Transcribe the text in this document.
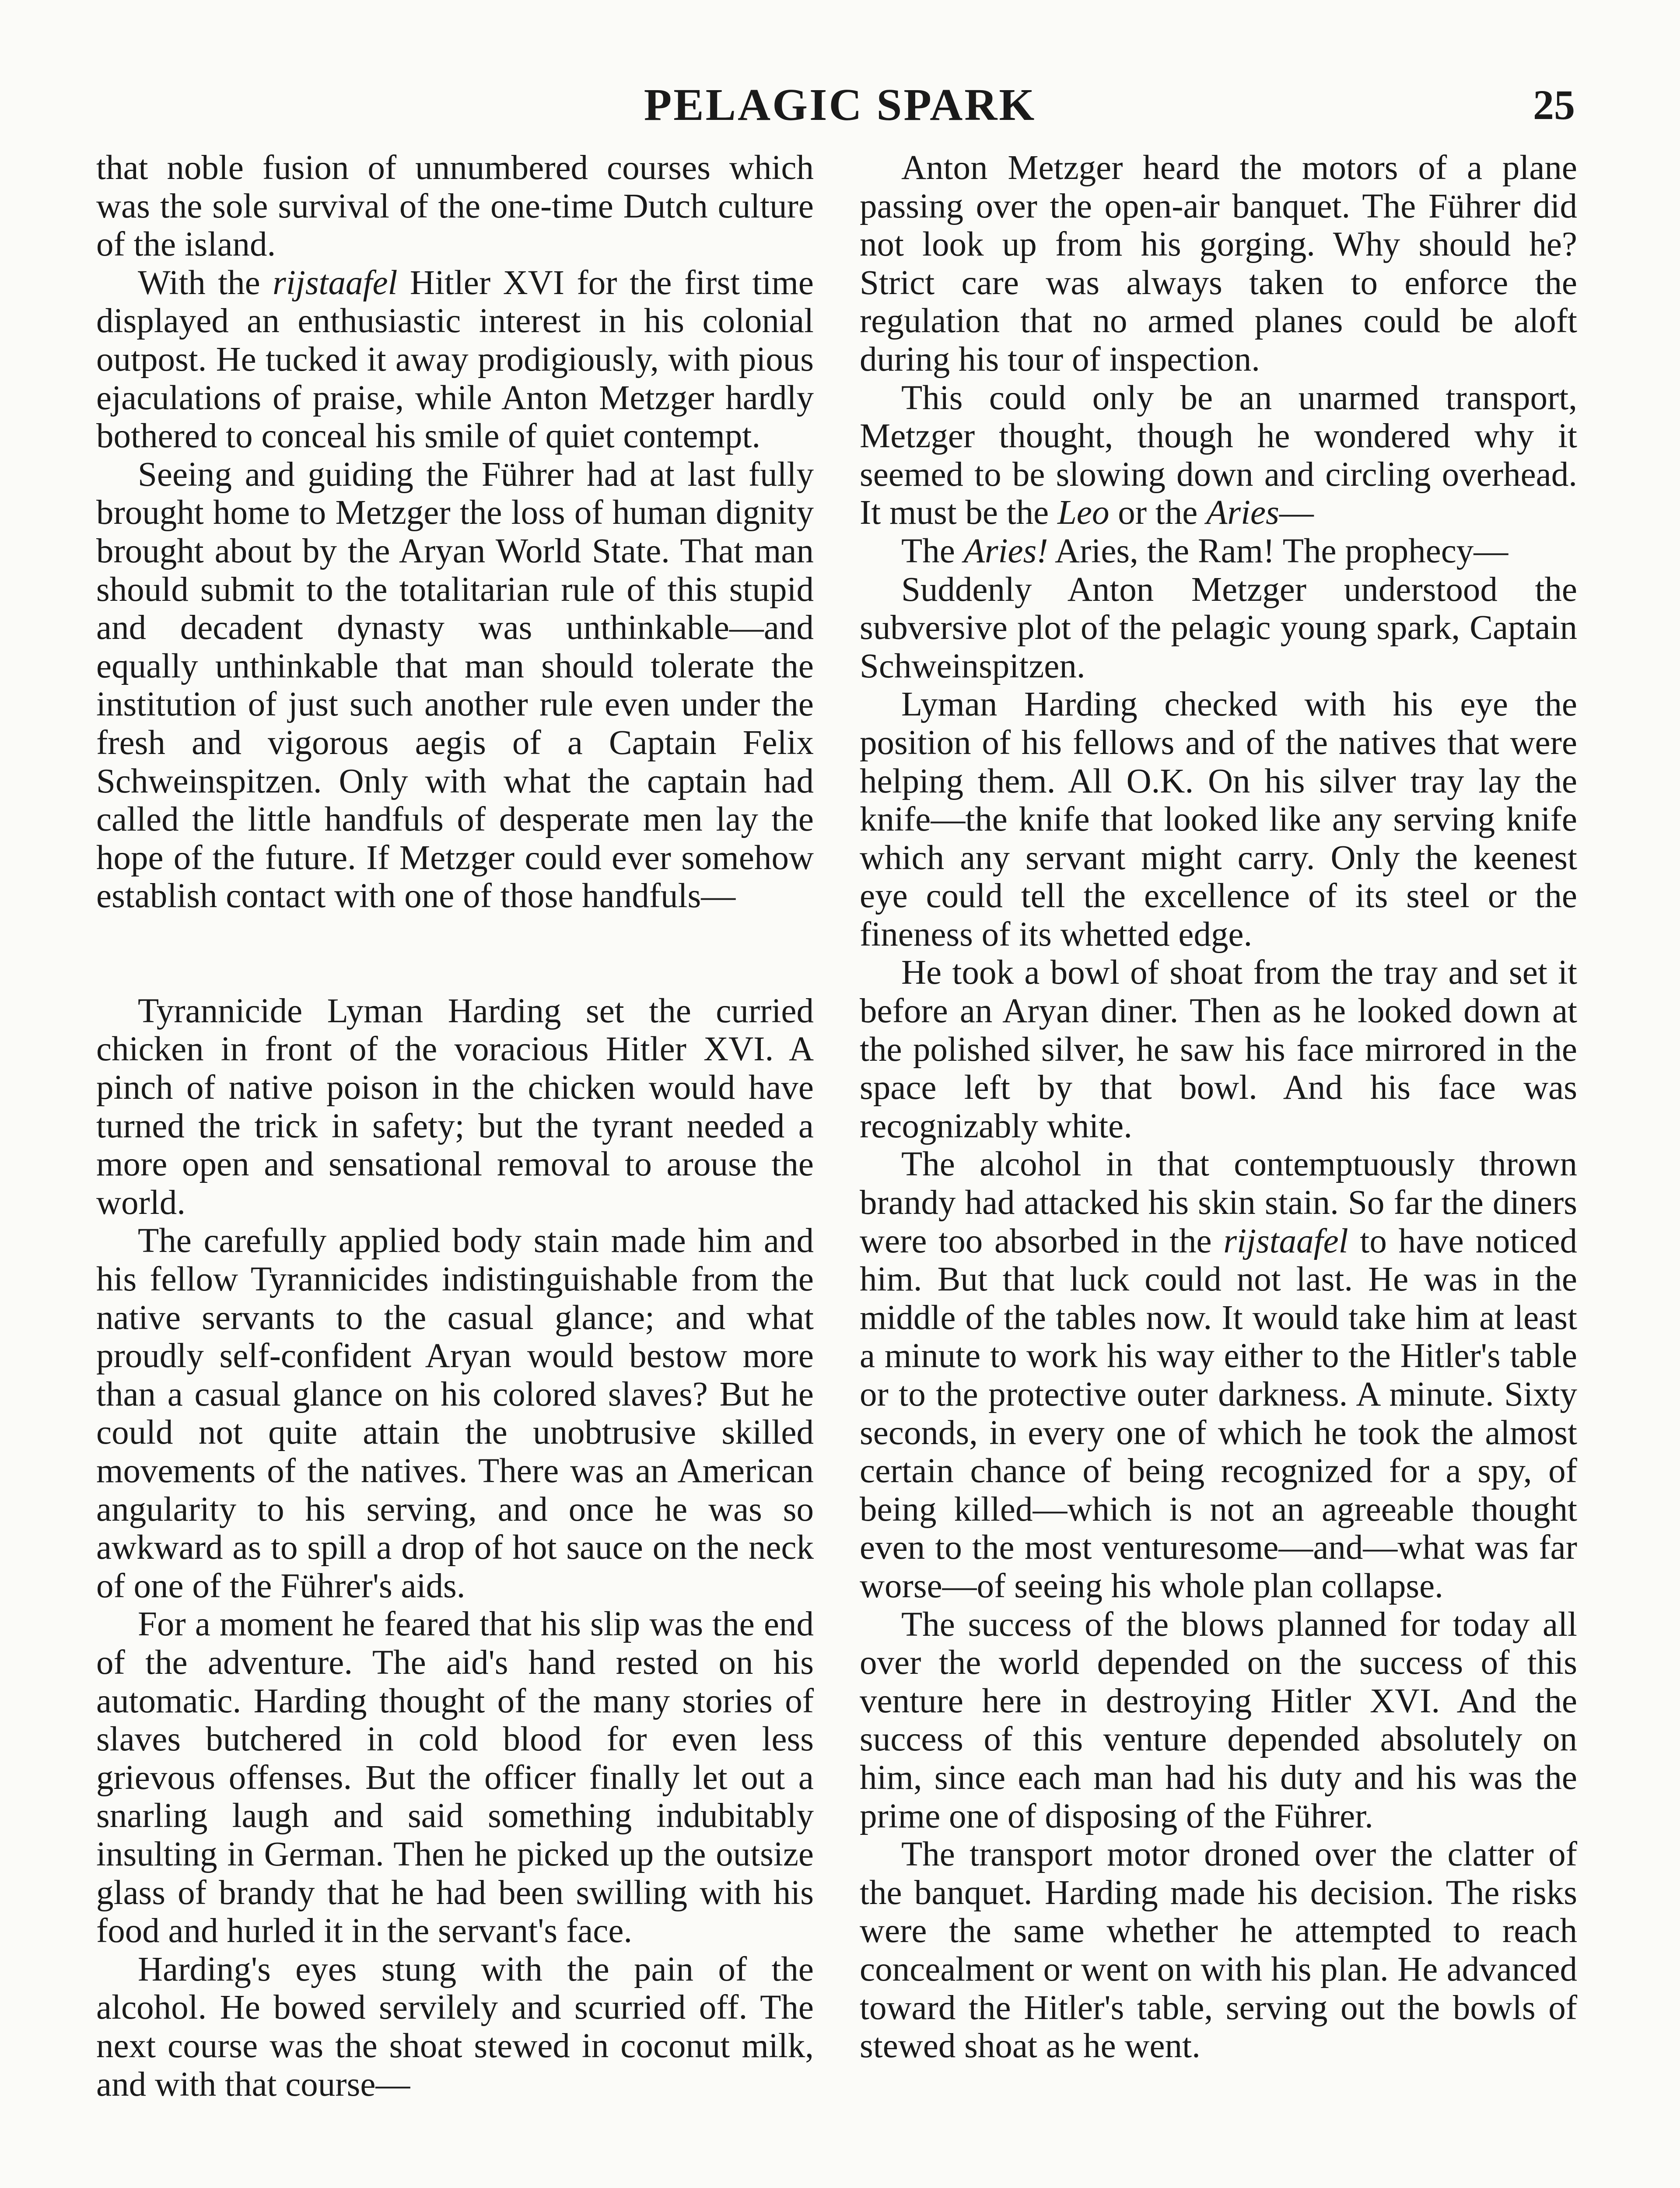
PELAGIC SPARK	25

that noble fusion of unnumbered courses which was the sole survival of the one-time Dutch culture of the island.

With the rijstaafel Hitler XVI for the first time displayed an enthusiastic interest in his colonial outpost. He tucked it away prodigiously, with pious ejaculations of praise, while Anton Metzger hardly bothered to conceal his smile of quiet contempt.

Seeing and guiding the Führer had at last fully brought home to Metzger the loss of human dignity brought about by the Aryan World State. That man should submit to the totalitarian rule of this stupid and decadent dynasty was unthinkable—and equally unthinkable that man should tolerate the institution of just such another rule even under the fresh and vigorous aegis of a Captain Felix Schweinspitzen. Only with what the captain had called the little handfuls of desperate men lay the hope of the future. If Metzger could ever somehow establish contact with one of those handfuls—

Tyrannicide Lyman Harding set the curried chicken in front of the voracious Hitler XVI. A pinch of native poison in the chicken would have turned the trick in safety; but the tyrant needed a more open and sensational removal to arouse the world.

The carefully applied body stain made him and his fellow Tyrannicides indistinguishable from the native servants to the casual glance; and what proudly self-confident Aryan would bestow more than a casual glance on his colored slaves? But he could not quite attain the unobtrusive skilled movements of the natives. There was an American angularity to his serving, and once he was so awkward as to spill a drop of hot sauce on the neck of one of the Führer's aids.

For a moment he feared that his slip was the end of the adventure. The aid's hand rested on his automatic. Harding thought of the many stories of slaves butchered in cold blood for even less grievous offenses. But the officer finally let out a snarling laugh and said something indubitably insulting in German. Then he picked up the outsize glass of brandy that he had been swilling with his food and hurled it in the servant's face.

Harding's eyes stung with the pain of the alcohol. He bowed servilely and scurried off. The next course was the shoat stewed in coconut milk, and with that course—

Anton Metzger heard the motors of a plane passing over the open-air banquet. The Führer did not look up from his gorging. Why should he? Strict care was always taken to enforce the regulation that no armed planes could be aloft during his tour of inspection.

This could only be an unarmed transport, Metzger thought, though he wondered why it seemed to be slowing down and circling overhead. It must be the Leo or the Aries—

The Aries! Aries, the Ram! The prophecy—

Suddenly Anton Metzger understood the subversive plot of the pelagic young spark, Captain Schweinspitzen.

Lyman Harding checked with his eye the position of his fellows and of the natives that were helping them. All O.K. On his silver tray lay the knife—the knife that looked like any serving knife which any servant might carry. Only the keenest eye could tell the excellence of its steel or the fineness of its whetted edge.

He took a bowl of shoat from the tray and set it before an Aryan diner. Then as he looked down at the polished silver, he saw his face mirrored in the space left by that bowl. And his face was recognizably white.

The alcohol in that contemptuously thrown brandy had attacked his skin stain. So far the diners were too absorbed in the rijstaafel to have noticed him. But that luck could not last. He was in the middle of the tables now. It would take him at least a minute to work his way either to the Hitler's table or to the protective outer darkness. A minute. Sixty seconds, in every one of which he took the almost certain chance of being recognized for a spy, of being killed—which is not an agreeable thought even to the most venturesome—and—what was far worse—of seeing his whole plan collapse.

The success of the blows planned for today all over the world depended on the success of this venture here in destroying Hitler XVI. And the success of this venture depended absolutely on him, since each man had his duty and his was the prime one of disposing of the Führer.

The transport motor droned over the clatter of the banquet. Harding made his decision. The risks were the same whether he attempted to reach concealment or went on with his plan. He advanced toward the Hitler's table, serving out the bowls of stewed shoat as he went.
